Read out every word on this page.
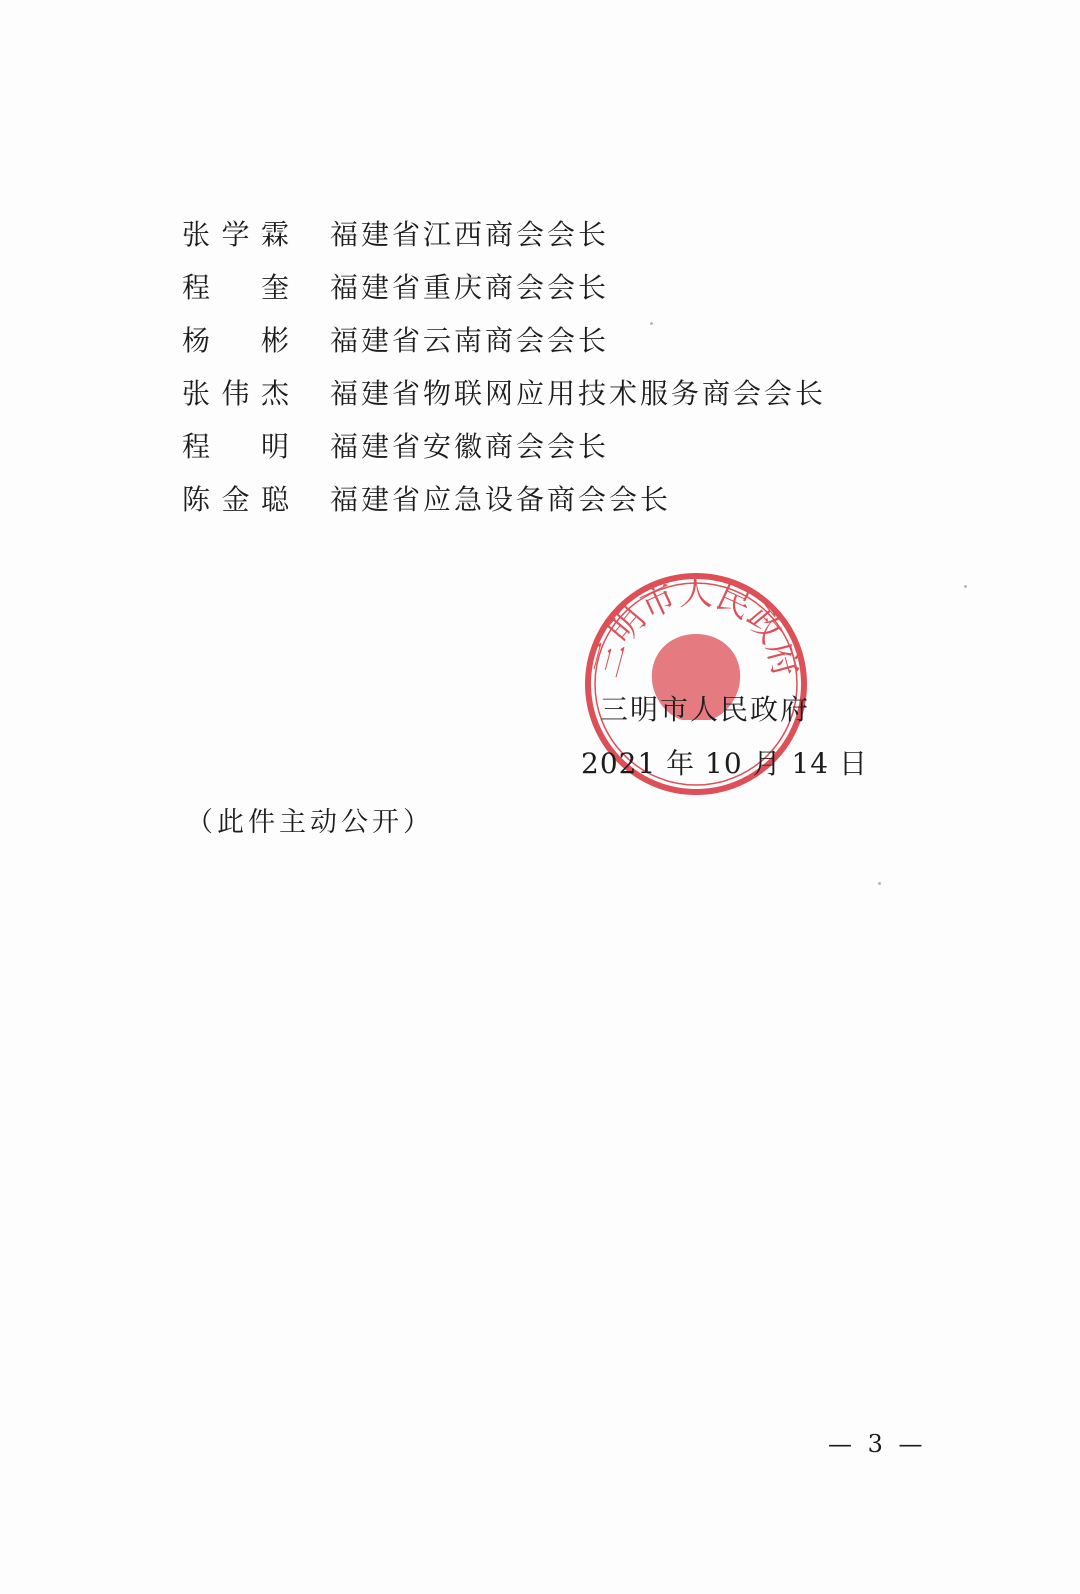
张学霖 福建省江西商会会长
程奎 福建省重庆商会会长
杨彬 福建省云南商会会长
张伟杰 福建省物联网应用技术服务商会会长
程明 福建省安徽商会会长
陈金聪 福建省应急设备商会会长
三明市人民政府
三明市人民政府
2021 年 10 月 14 日
（此件主动公开）
— 3 —
